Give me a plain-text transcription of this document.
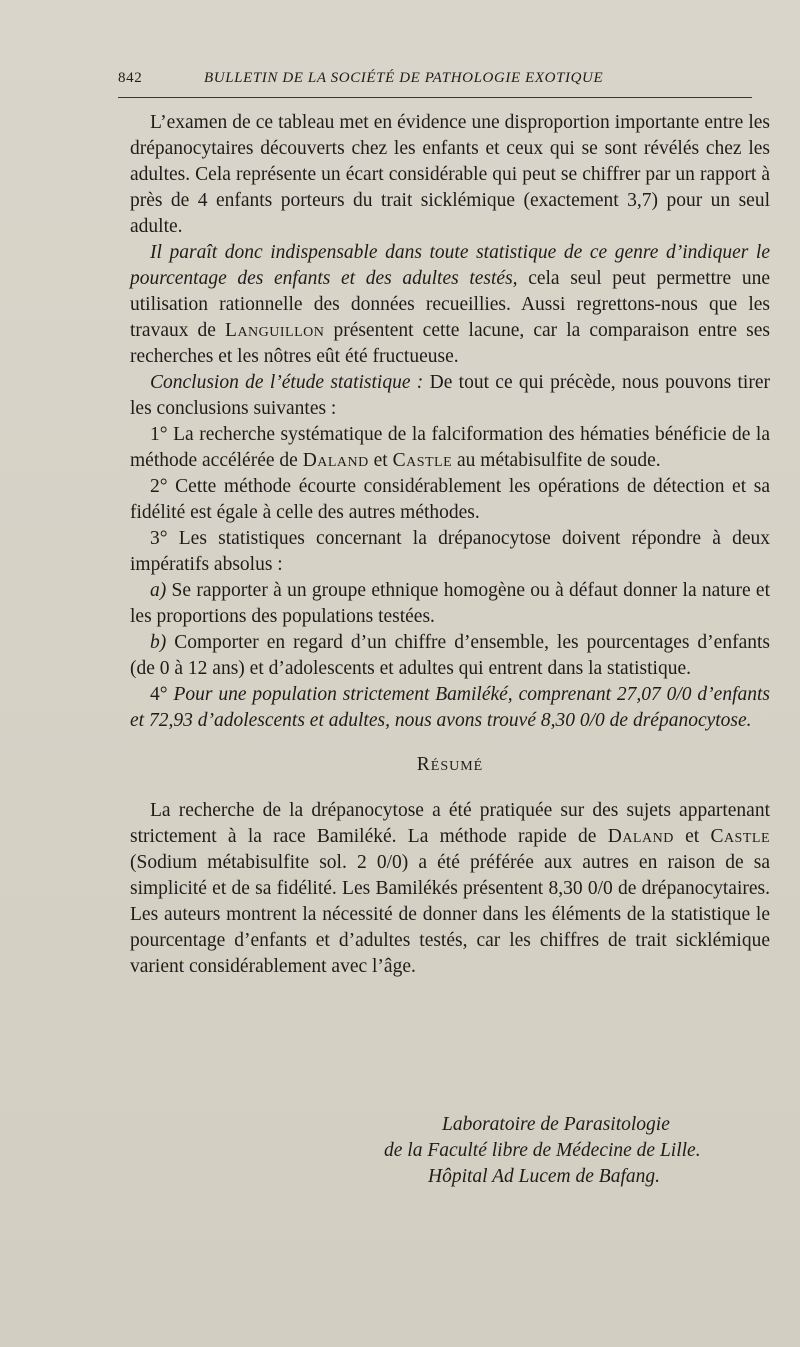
842	BULLETIN DE LA SOCIÉTÉ DE PATHOLOGIE EXOTIQUE

L’examen de ce tableau met en évidence une disproportion importante entre les drépanocytaires découverts chez les enfants et ceux qui se sont révélés chez les adultes. Cela représente un écart considérable qui peut se chiffrer par un rapport à près de 4 enfants porteurs du trait sicklémique (exactement 3,7) pour un seul adulte.

Il paraît donc indispensable dans toute statistique de ce genre d’indiquer le pourcentage des enfants et des adultes testés, cela seul peut permettre une utilisation rationnelle des données recueillies. Aussi regrettons-nous que les travaux de Languillon présentent cette lacune, car la comparaison entre ses recherches et les nôtres eût été fructueuse.

Conclusion de l’étude statistique : De tout ce qui précède, nous pouvons tirer les conclusions suivantes :

1° La recherche systématique de la falciformation des hématies bénéficie de la méthode accélérée de Daland et Castle au métabisulfite de soude.

2° Cette méthode écourte considérablement les opérations de détection et sa fidélité est égale à celle des autres méthodes.

3° Les statistiques concernant la drépanocytose doivent répondre à deux impératifs absolus :

a) Se rapporter à un groupe ethnique homogène ou à défaut donner la nature et les proportions des populations testées.

b) Comporter en regard d’un chiffre d’ensemble, les pourcentages d’enfants (de 0 à 12 ans) et d’adolescents et adultes qui entrent dans la statistique.

4° Pour une population strictement Bamiléké, comprenant 27,07 0/0 d’enfants et 72,93 d’adolescents et adultes, nous avons trouvé 8,30 0/0 de drépanocytose.

Résumé

La recherche de la drépanocytose a été pratiquée sur des sujets appartenant strictement à la race Bamiléké. La méthode rapide de Daland et Castle (Sodium métabisulfite sol. 2 0/0) a été préférée aux autres en raison de sa simplicité et de sa fidélité. Les Bamilékés présentent 8,30 0/0 de drépanocytaires. Les auteurs montrent la nécessité de donner dans les éléments de la statistique le pourcentage d’enfants et d’adultes testés, car les chiffres de trait sicklémique varient considérablement avec l’âge.

Laboratoire de Parasitologie
de la Faculté libre de Médecine de Lille.
Hôpital Ad Lucem de Bafang.
